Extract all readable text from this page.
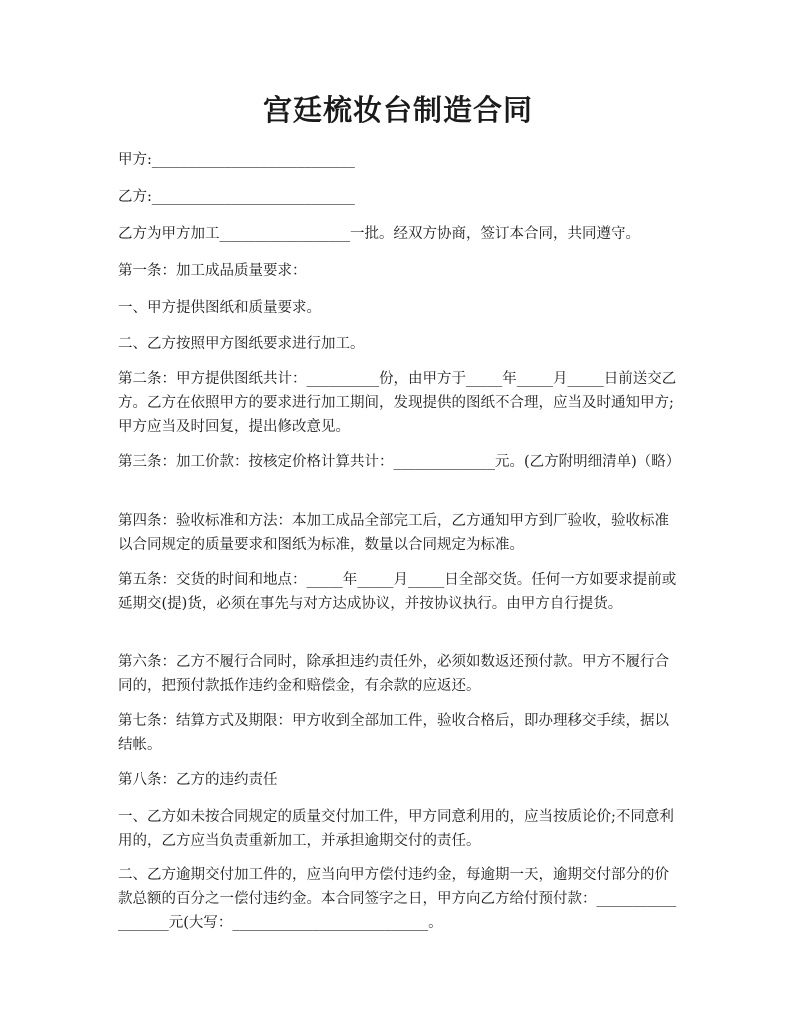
宫廷梳妆台制造合同

甲方:____________________________

乙方:____________________________

乙方为甲方加工__________________一批。经双方协商，签订本合同，共同遵守。

第一条：加工成品质量要求：

一、甲方提供图纸和质量要求。

二、乙方按照甲方图纸要求进行加工。

第二条：甲方提供图纸共计：__________份，由甲方于_____年_____月_____日前送交乙方。乙方在依照甲方的要求进行加工期间，发现提供的图纸不合理，应当及时通知甲方;甲方应当及时回复，提出修改意见。

第三条：加工价款：按核定价格计算共计：______________元。(乙方附明细清单)（略）

第四条：验收标准和方法：本加工成品全部完工后，乙方通知甲方到厂验收，验收标准以合同规定的质量要求和图纸为标准，数量以合同规定为标准。

第五条：交货的时间和地点：_____年_____月_____日全部交货。任何一方如要求提前或延期交(提)货，必须在事先与对方达成协议，并按协议执行。由甲方自行提货。

第六条：乙方不履行合同时，除承担违约责任外，必须如数返还预付款。甲方不履行合同的，把预付款抵作违约金和赔偿金，有余款的应返还。

第七条：结算方式及期限：甲方收到全部加工件，验收合格后，即办理移交手续，据以结帐。

第八条：乙方的违约责任

一、乙方如未按合同规定的质量交付加工件，甲方同意利用的，应当按质论价;不同意利用的，乙方应当负责重新加工，并承担逾期交付的责任。

二、乙方逾期交付加工件的，应当向甲方偿付违约金，每逾期一天，逾期交付部分的价款总额的百分之一偿付违约金。本合同签字之日，甲方向乙方给付预付款：__________________元(大写：___________________________。
